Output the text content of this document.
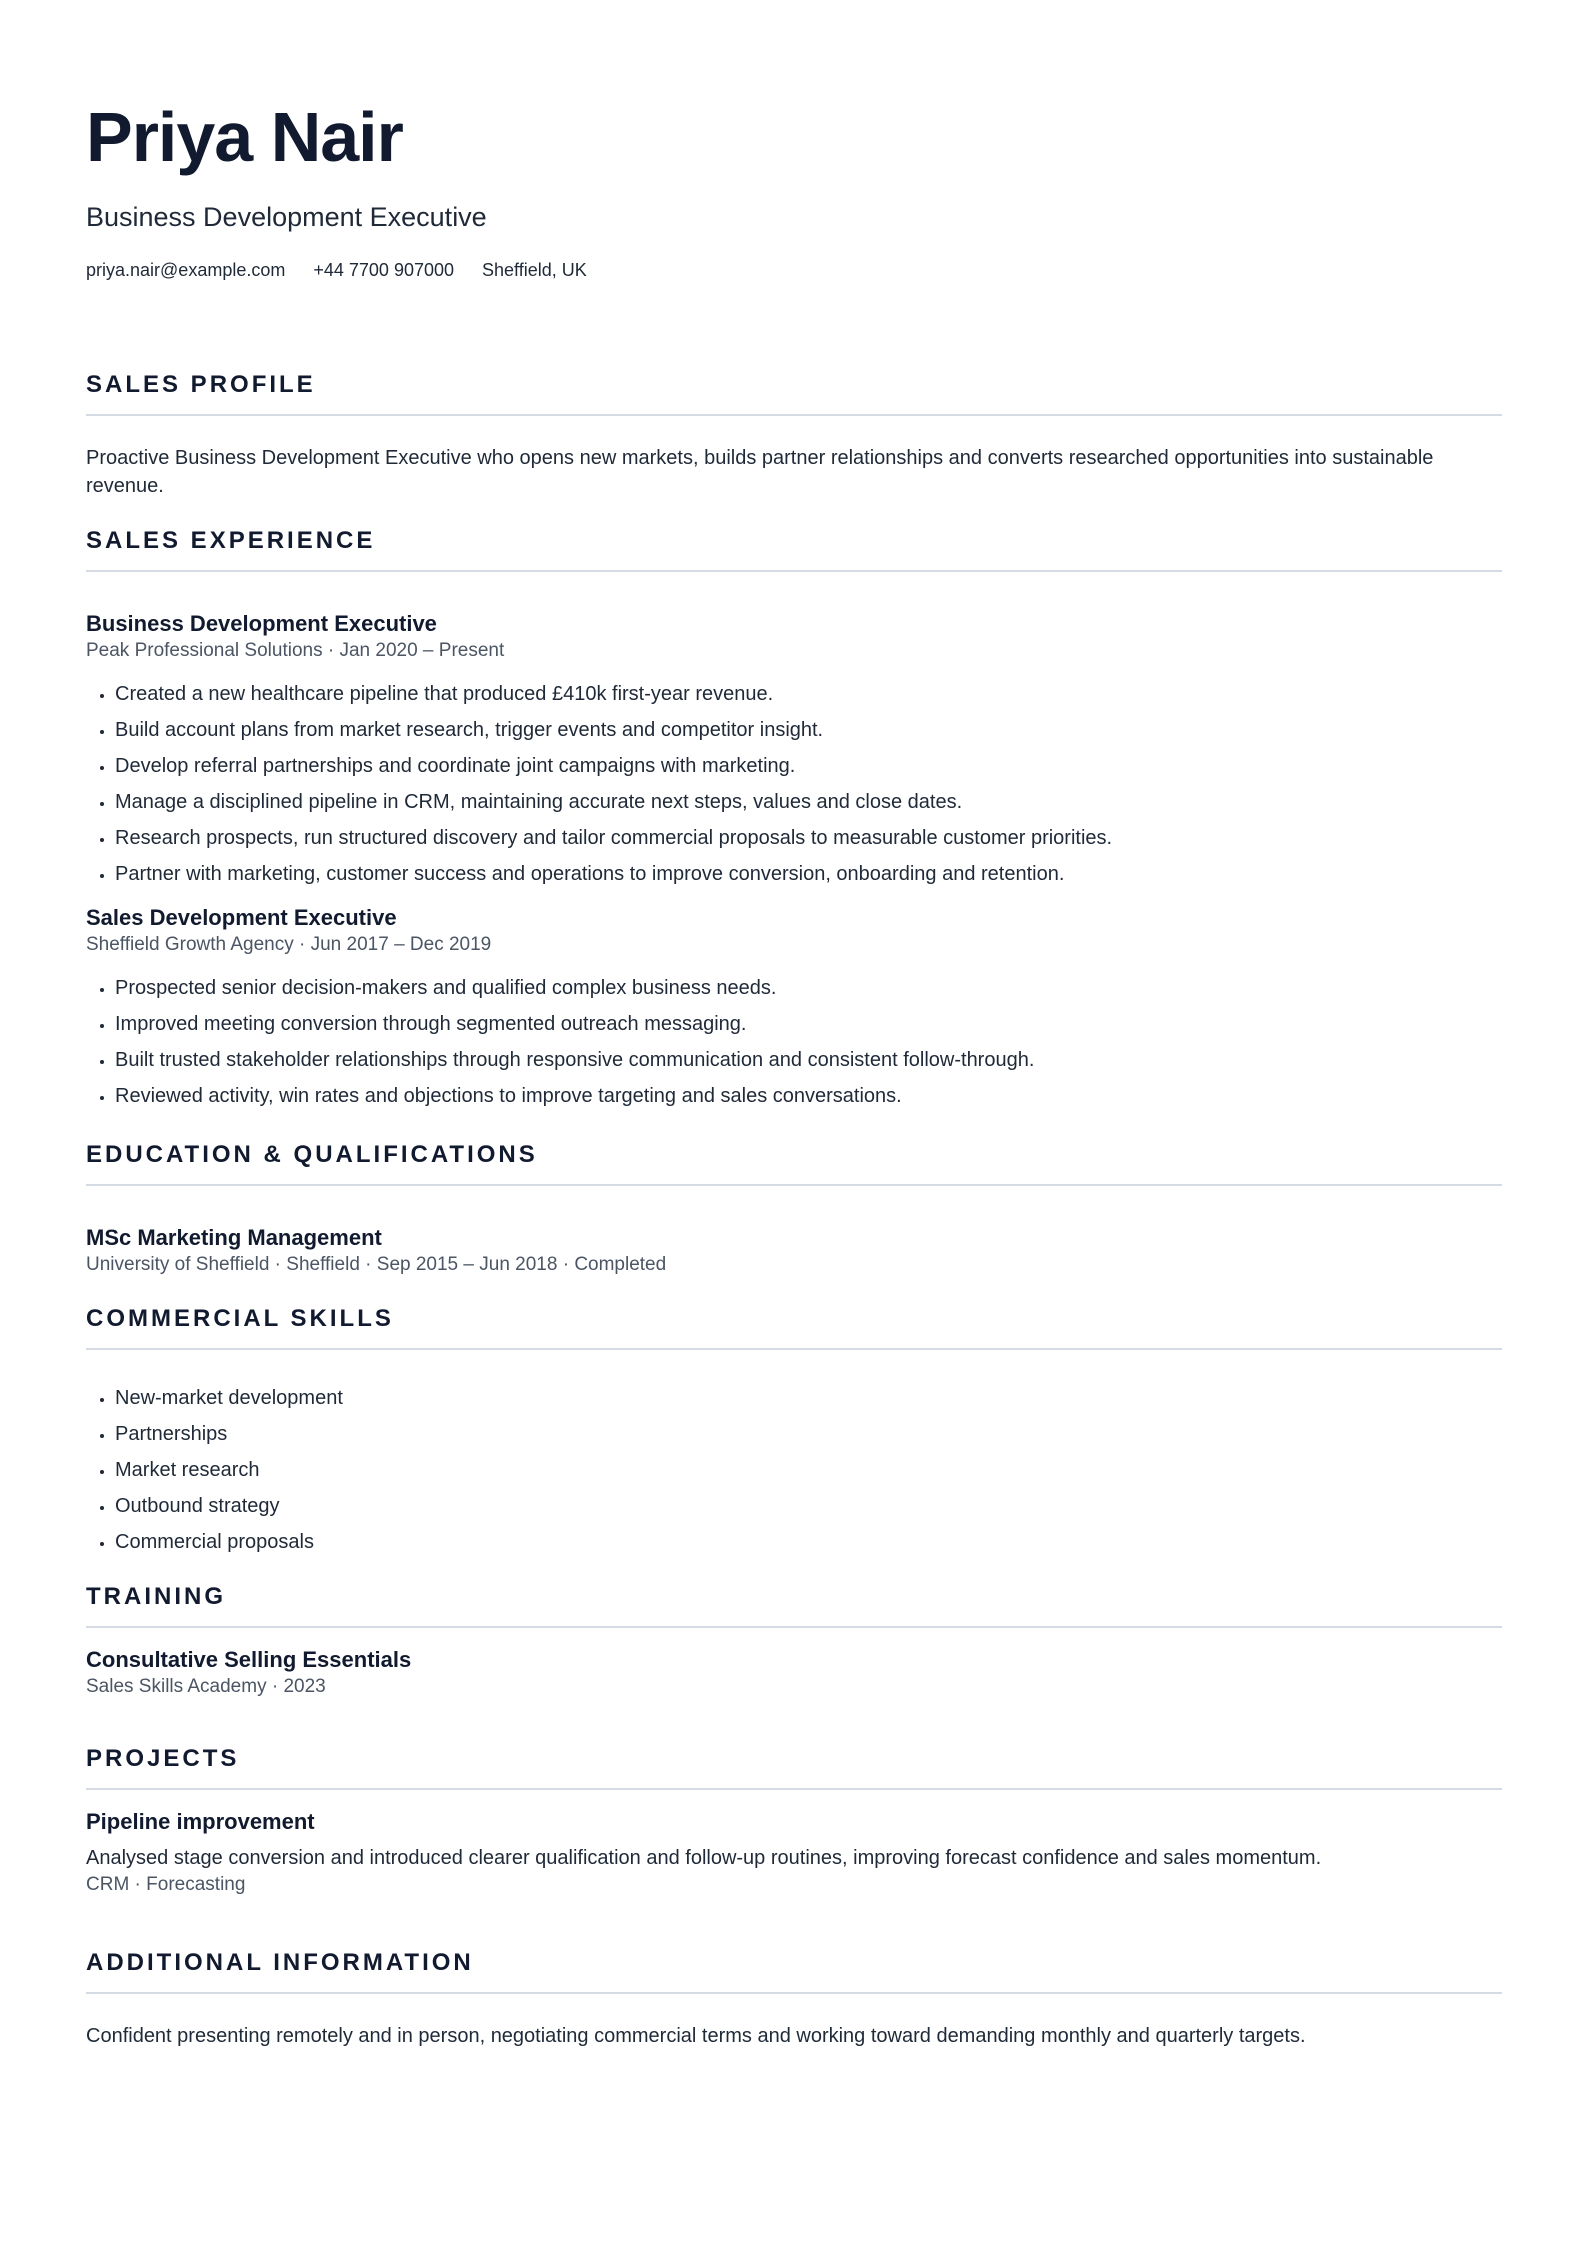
Priya Nair
Business Development Executive
priya.nair@example.com +44 7700 907000 Sheffield, UK
SALES PROFILE
Proactive Business Development Executive who opens new markets, builds partner relationships and converts researched opportunities into sustainable revenue.
SALES EXPERIENCE
Business Development Executive
Peak Professional Solutions · Jan 2020 – Present
• Created a new healthcare pipeline that produced £410k first-year revenue.
• Build account plans from market research, trigger events and competitor insight.
• Develop referral partnerships and coordinate joint campaigns with marketing.
• Manage a disciplined pipeline in CRM, maintaining accurate next steps, values and close dates.
• Research prospects, run structured discovery and tailor commercial proposals to measurable customer priorities.
• Partner with marketing, customer success and operations to improve conversion, onboarding and retention.
Sales Development Executive
Sheffield Growth Agency · Jun 2017 – Dec 2019
• Prospected senior decision-makers and qualified complex business needs.
• Improved meeting conversion through segmented outreach messaging.
• Built trusted stakeholder relationships through responsive communication and consistent follow-through.
• Reviewed activity, win rates and objections to improve targeting and sales conversations.
EDUCATION & QUALIFICATIONS
MSc Marketing Management
University of Sheffield · Sheffield · Sep 2015 – Jun 2018 · Completed
COMMERCIAL SKILLS
• New-market development
• Partnerships
• Market research
• Outbound strategy
• Commercial proposals
TRAINING
Consultative Selling Essentials
Sales Skills Academy · 2023
PROJECTS
Pipeline improvement
Analysed stage conversion and introduced clearer qualification and follow-up routines, improving forecast confidence and sales momentum.
CRM · Forecasting
ADDITIONAL INFORMATION
Confident presenting remotely and in person, negotiating commercial terms and working toward demanding monthly and quarterly targets.
